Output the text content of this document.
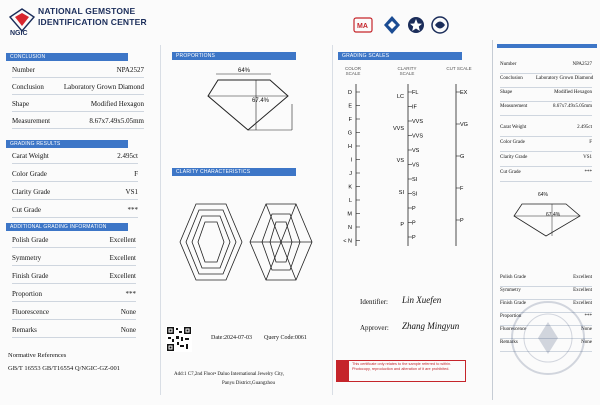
NATIONAL GEMSTONE
IDENTIFICATION CENTER
NGIC
MA
CONCLUSION
Number	NPA2527
Conclusion	Laboratory Grown Diamond
Shape	Modified Hexagon
Measurement	8.67x7.49x5.05mm
Carat Weight	2.495ct
Color Grade	F
Clarity Grade	VS1
Cut Grade	***
Polish Grade	Excellent
Symmetry	Excellent
Finish Grade	Excellent
Proportion	***
Fluorescence	None
Remarks	None
GRADING RESULTS
ADDITIONAL GRADING INFORMATION
Normative References
GB/T 16553 GB/T16554 Q/NGIC-GZ-001
PROPORTIONS
64%
67.4%
CLARITY CHARACTERISTICS
Date:2024-07-03 Query Code:0061
Add:1 C7,2nd Floor• Daluo International Jewelry City,
Panyu District,Guangzhou
GRADING SCALES
COLOR SCALE
CLARITY SCALE
CUT SCALE
D
E
F
G
H
I
J
K
L
M
N
< N
FL
IF
VVS
VVS
VS
VS
SI
SI
P
P
P
LC
VVS
VS
SI
P
EX
VG
G
F
P
Identifier: Lin Xuefen
Approver: Zhang Mingyun
This certificate only relates to the sample referred to within. Photocopy, reproduction and alteration of it are prohibited.
Number	NPA2527
Conclusion	Laboratory Grown Diamond
Shape	Modified Hexagon
Measurement	8.67x7.49x5.05mm
Carat Weight	2.495ct
Color Grade	F
Clarity Grade	VS1
Cut Grade	***
Polish Grade	Excellent
Symmetry	Excellent
Finish Grade	Excellent
Proportion	***
Fluorescence	None
Remarks	None
64%
67.4%
